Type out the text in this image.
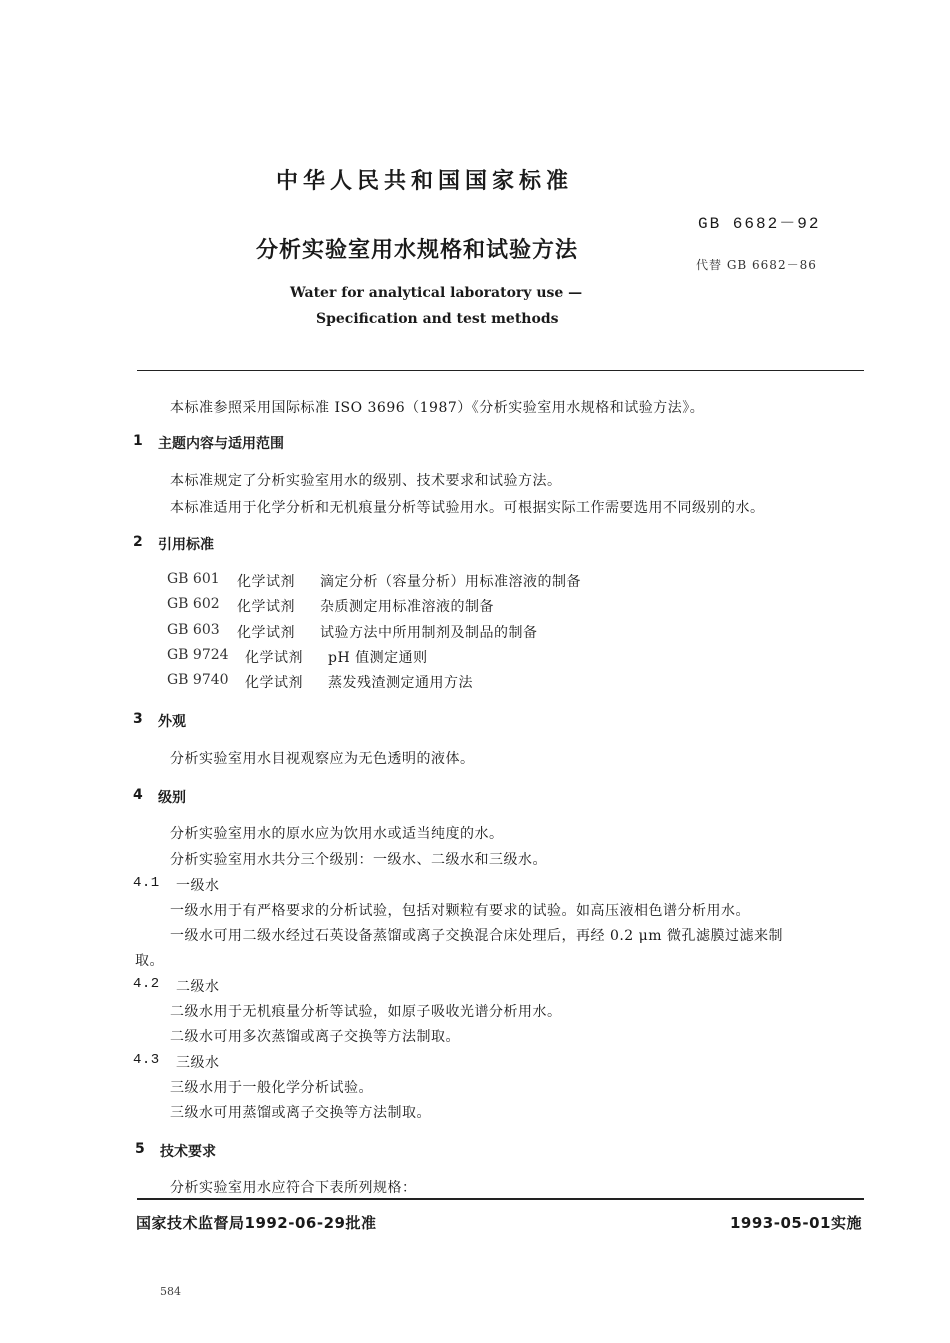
中华人民共和国国家标准
GB 6682－92
代替 GB 6682－86
分析实验室用水规格和试验方法
Water for analytical laboratory use —
Specification and test methods
本标准参照采用国际标准 ISO 3696（1987）《分析实验室用水规格和试验方法》。
1 主题内容与适用范围
本标准规定了分析实验室用水的级别、技术要求和试验方法。
本标准适用于化学分析和无机痕量分析等试验用水。可根据实际工作需要选用不同级别的水。
2 引用标准
GB 601 化学试剂 滴定分析（容量分析）用标准溶液的制备
GB 602 化学试剂 杂质测定用标准溶液的制备
GB 603 化学试剂 试验方法中所用制剂及制品的制备
GB 9724 化学试剂 pH 值测定通则
GB 9740 化学试剂 蒸发残渣测定通用方法
3 外观
分析实验室用水目视观察应为无色透明的液体。
4 级别
分析实验室用水的原水应为饮用水或适当纯度的水。
分析实验室用水共分三个级别：一级水、二级水和三级水。
4.1 一级水
一级水用于有严格要求的分析试验，包括对颗粒有要求的试验。如高压液相色谱分析用水。
一级水可用二级水经过石英设备蒸馏或离子交换混合床处理后，再经 0.2 μm 微孔滤膜过滤来制
取。
4.2 二级水
二级水用于无机痕量分析等试验，如原子吸收光谱分析用水。
二级水可用多次蒸馏或离子交换等方法制取。
4.3 三级水
三级水用于一般化学分析试验。
三级水可用蒸馏或离子交换等方法制取。
5 技术要求
分析实验室用水应符合下表所列规格：
国家技术监督局1992-06-29批准	1993-05-01实施
584
